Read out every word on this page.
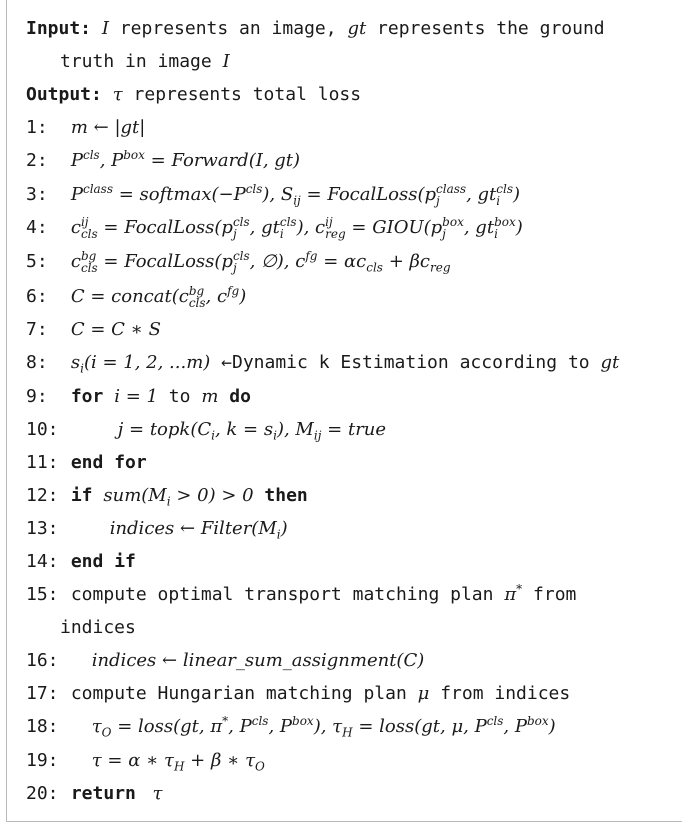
Input: I represents an image, gt represents the ground
truth in image I
Output: τ represents total loss
1: m ← |gt|
2: $P^{cls}$, $P^{box}$ = Forward(I, gt)
3: $P^{class}$ = $softmax(-P^{cls})$, $S_{ij}$ = FocalLoss(p class
j	, gt cls
i )
4: c ij
cls = FocalLoss(p cls
j , gt cls
i ), c ij
reg = GIOU(p box
j , gt box
i )
5: c bg
cls = FocalLoss(p cls
j , ∅), $c^{fg} = \alpha c_{cls} + \beta c_{reg}$
6: C = concat(c bg
cls , $c^{fg}$)
7: C = C ∗ S
8: $s_i(i = 1$, 2, ...m) ←Dynamic k Estimation according to gt
9: for i = 1 to m do
10:	$j = topk(C_i$, $k = s_i$), $M_{ij}$ = true
11: end for
12: if $sum(M_i > 0) > 0$ then
13:	indices ← $Filter(M_i)$
14: end if
15: compute optimal transport matching plan π* from
indices
16: indices ← linear_sum_assignment(C)
17: compute Hungarian matching plan μ from indices
18: $\tau_O$ = loss(gt, π*, $P^{cls}$, $P^{box}$), $\tau_H$ = loss(gt, μ, $P^{cls}$, $P^{box}$)
19: τ = α ∗ $\tau_H + \beta$ ∗ $\tau_O$
20: return  τ
